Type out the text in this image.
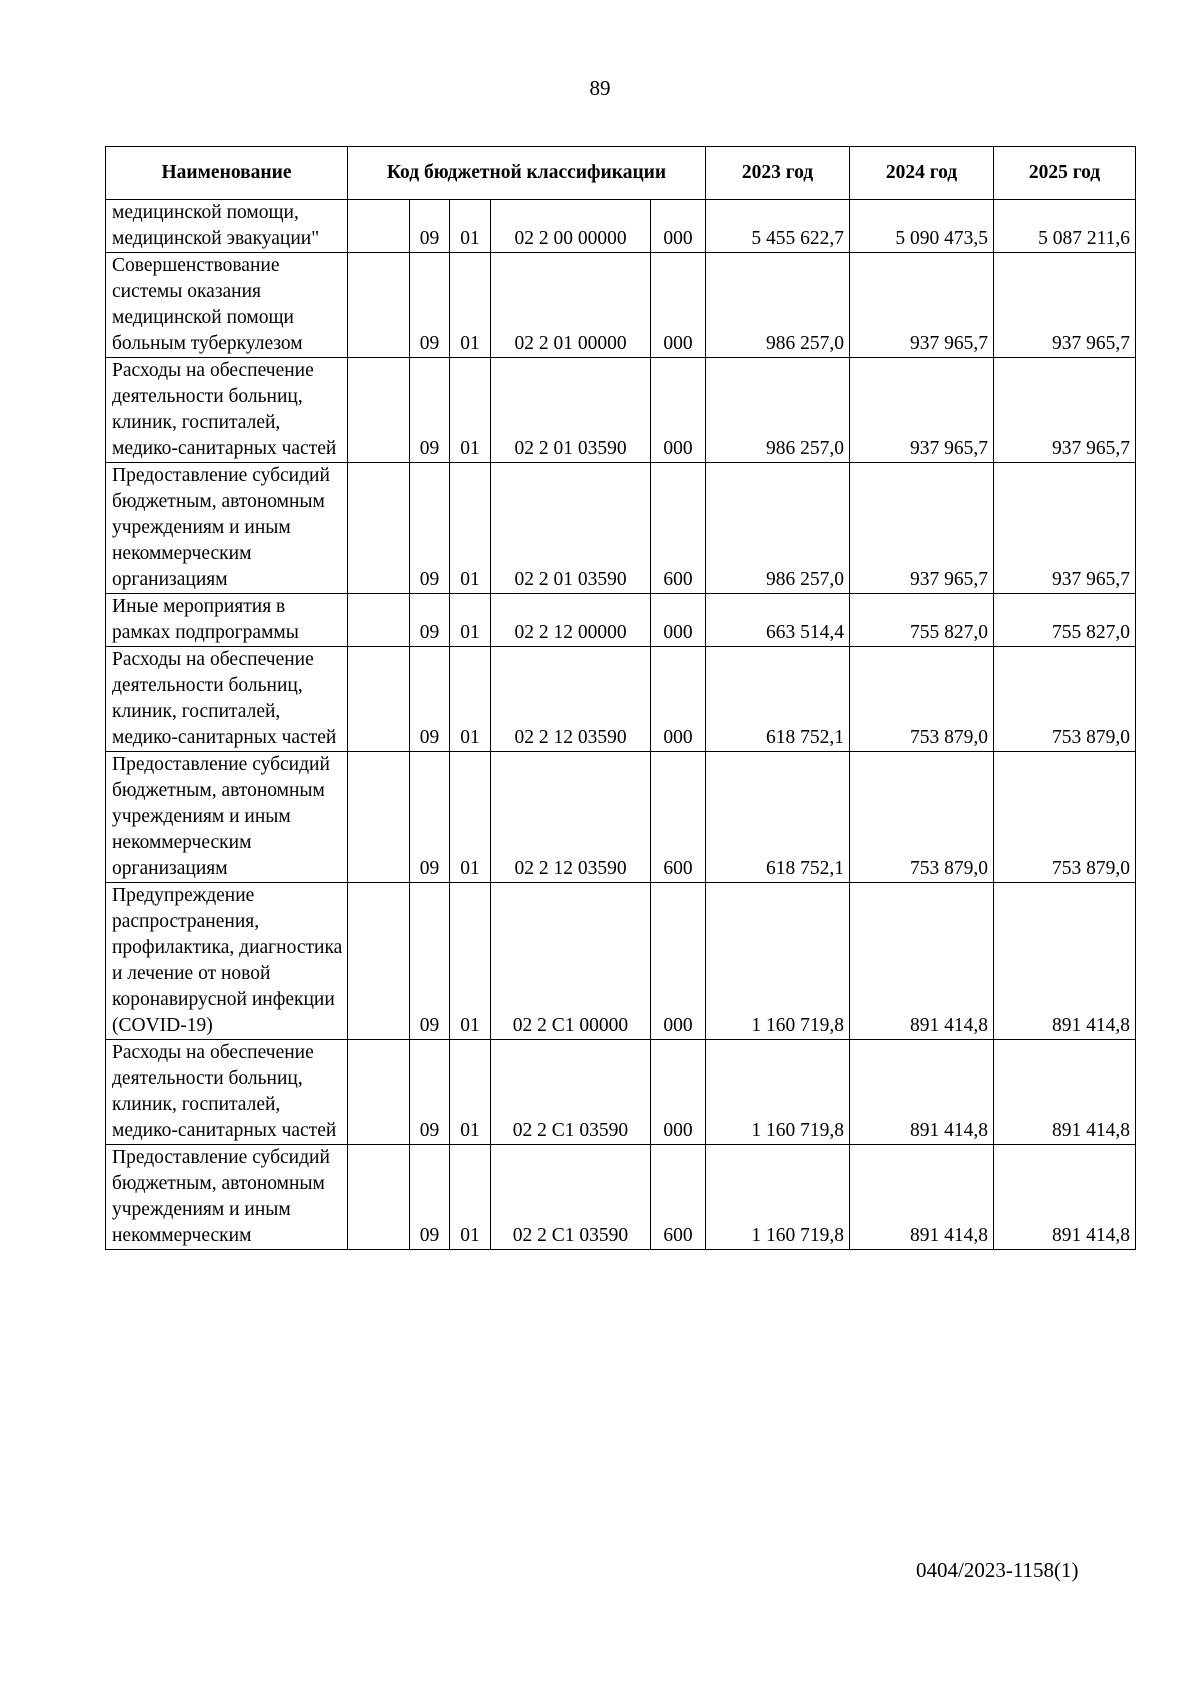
89
Наименование	Код бюджетной классификации					2023 год	2024 год	2025 год
медицинской помощи, медицинской эвакуации"		09	01	02 2 00 00000	000	5 455 622,7	5 090 473,5	5 087 211,6
Совершенствование системы оказания медицинской помощи больным туберкулезом		09	01	02 2 01 00000	000	986 257,0	937 965,7	937 965,7
Расходы на обеспечение деятельности больниц, клиник, госпиталей, медико-санитарных частей		09	01	02 2 01 03590	000	986 257,0	937 965,7	937 965,7
Предоставление субсидий бюджетным, автономным учреждениям и иным некоммерческим организациям		09	01	02 2 01 03590	600	986 257,0	937 965,7	937 965,7
Иные мероприятия в рамках подпрограммы		09	01	02 2 12 00000	000	663 514,4	755 827,0	755 827,0
Расходы на обеспечение деятельности больниц, клиник, госпиталей, медико-санитарных частей		09	01	02 2 12 03590	000	618 752,1	753 879,0	753 879,0
Предоставление субсидий бюджетным, автономным учреждениям и иным некоммерческим организациям		09	01	02 2 12 03590	600	618 752,1	753 879,0	753 879,0
Предупреждение распространения, профилактика, диагностика и лечение от новой коронавирусной инфекции (COVID-19)		09	01	02 2 C1 00000	000	1 160 719,8	891 414,8	891 414,8
Расходы на обеспечение деятельности больниц, клиник, госпиталей, медико-санитарных частей		09	01	02 2 C1 03590	000	1 160 719,8	891 414,8	891 414,8
Предоставление субсидий бюджетным, автономным учреждениям и иным некоммерческим		09	01	02 2 C1 03590	600	1 160 719,8	891 414,8	891 414,8
0404/2023-1158(1)
